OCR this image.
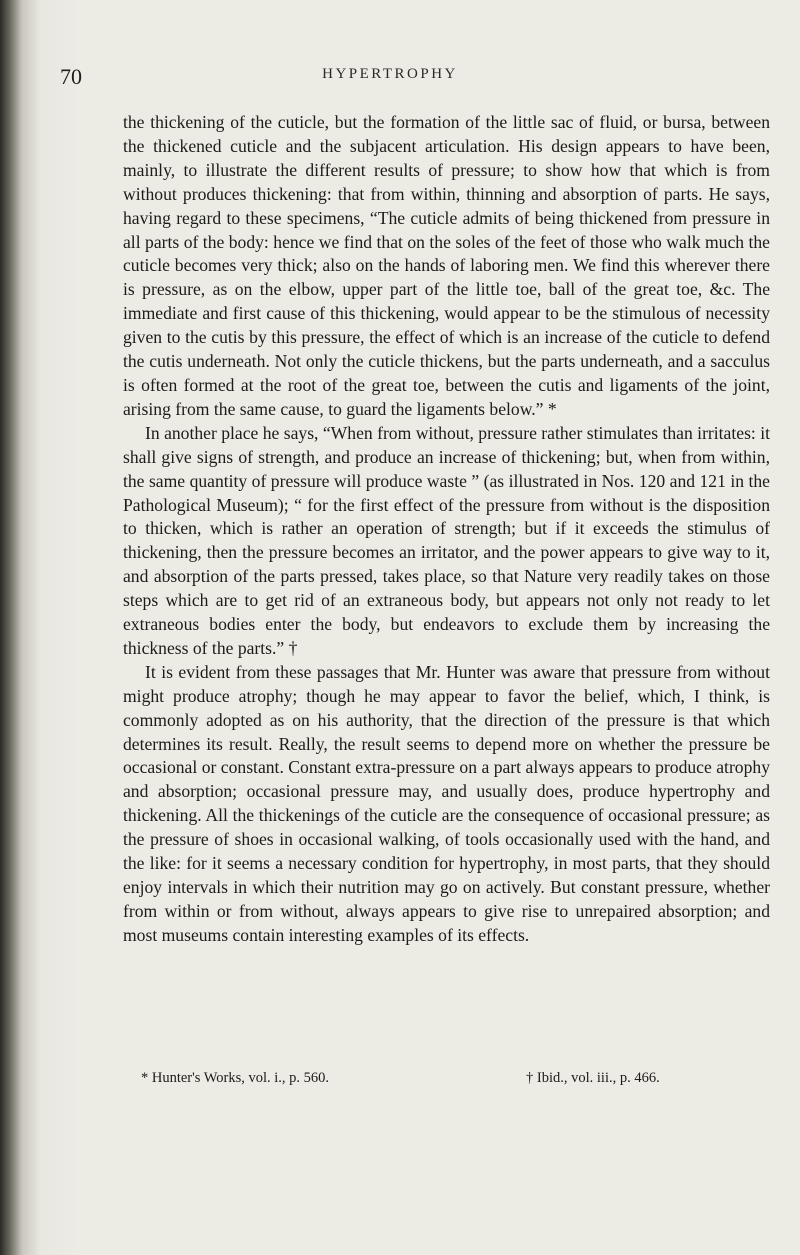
70	HYPERTROPHY

the thickening of the cuticle, but the formation of the little sac of fluid, or bursa, between the thickened cuticle and the subjacent articulation. His design appears to have been, mainly, to illustrate the different results of pressure; to show how that which is from without produces thickening: that from within, thinning and absorption of parts. He says, having regard to these specimens, “The cuticle admits of being thickened from pressure in all parts of the body: hence we find that on the soles of the feet of those who walk much the cuticle becomes very thick; also on the hands of laboring men. We find this wherever there is pressure, as on the elbow, upper part of the little toe, ball of the great toe, &c. The immediate and first cause of this thickening, would appear to be the stimulous of necessity given to the cutis by this pressure, the effect of which is an increase of the cuticle to defend the cutis underneath. Not only the cuticle thickens, but the parts underneath, and a sacculus is often formed at the root of the great toe, between the cutis and ligaments of the joint, arising from the same cause, to guard the ligaments below.” *

In another place he says, “When from without, pressure rather stimulates than irritates: it shall give signs of strength, and produce an increase of thickening; but, when from within, the same quantity of pressure will produce waste ” (as illustrated in Nos. 120 and 121 in the Pathological Museum); “ for the first effect of the pressure from without is the disposition to thicken, which is rather an operation of strength; but if it exceeds the stimulus of thickening, then the pressure becomes an irritator, and the power appears to give way to it, and absorption of the parts pressed, takes place, so that Nature very readily takes on those steps which are to get rid of an extraneous body, but appears not only not ready to let extraneous bodies enter the body, but endeavors to exclude them by increasing the thickness of the parts.” †

It is evident from these passages that Mr. Hunter was aware that pressure from without might produce atrophy; though he may appear to favor the belief, which, I think, is commonly adopted as on his authority, that the direction of the pressure is that which determines its result. Really, the result seems to depend more on whether the pressure be occasional or constant. Constant extra-pressure on a part always appears to produce atrophy and absorption; occasional pressure may, and usually does, produce hypertrophy and thickening. All the thickenings of the cuticle are the consequence of occasional pressure; as the pressure of shoes in occasional walking, of tools occasionally used with the hand, and the like: for it seems a necessary condition for hypertrophy, in most parts, that they should enjoy intervals in which their nutrition may go on actively. But constant pressure, whether from within or from without, always appears to give rise to unrepaired absorption; and most museums contain interesting examples of its effects.

* Hunter's Works, vol. i., p. 560.	† Ibid., vol. iii., p. 466.
